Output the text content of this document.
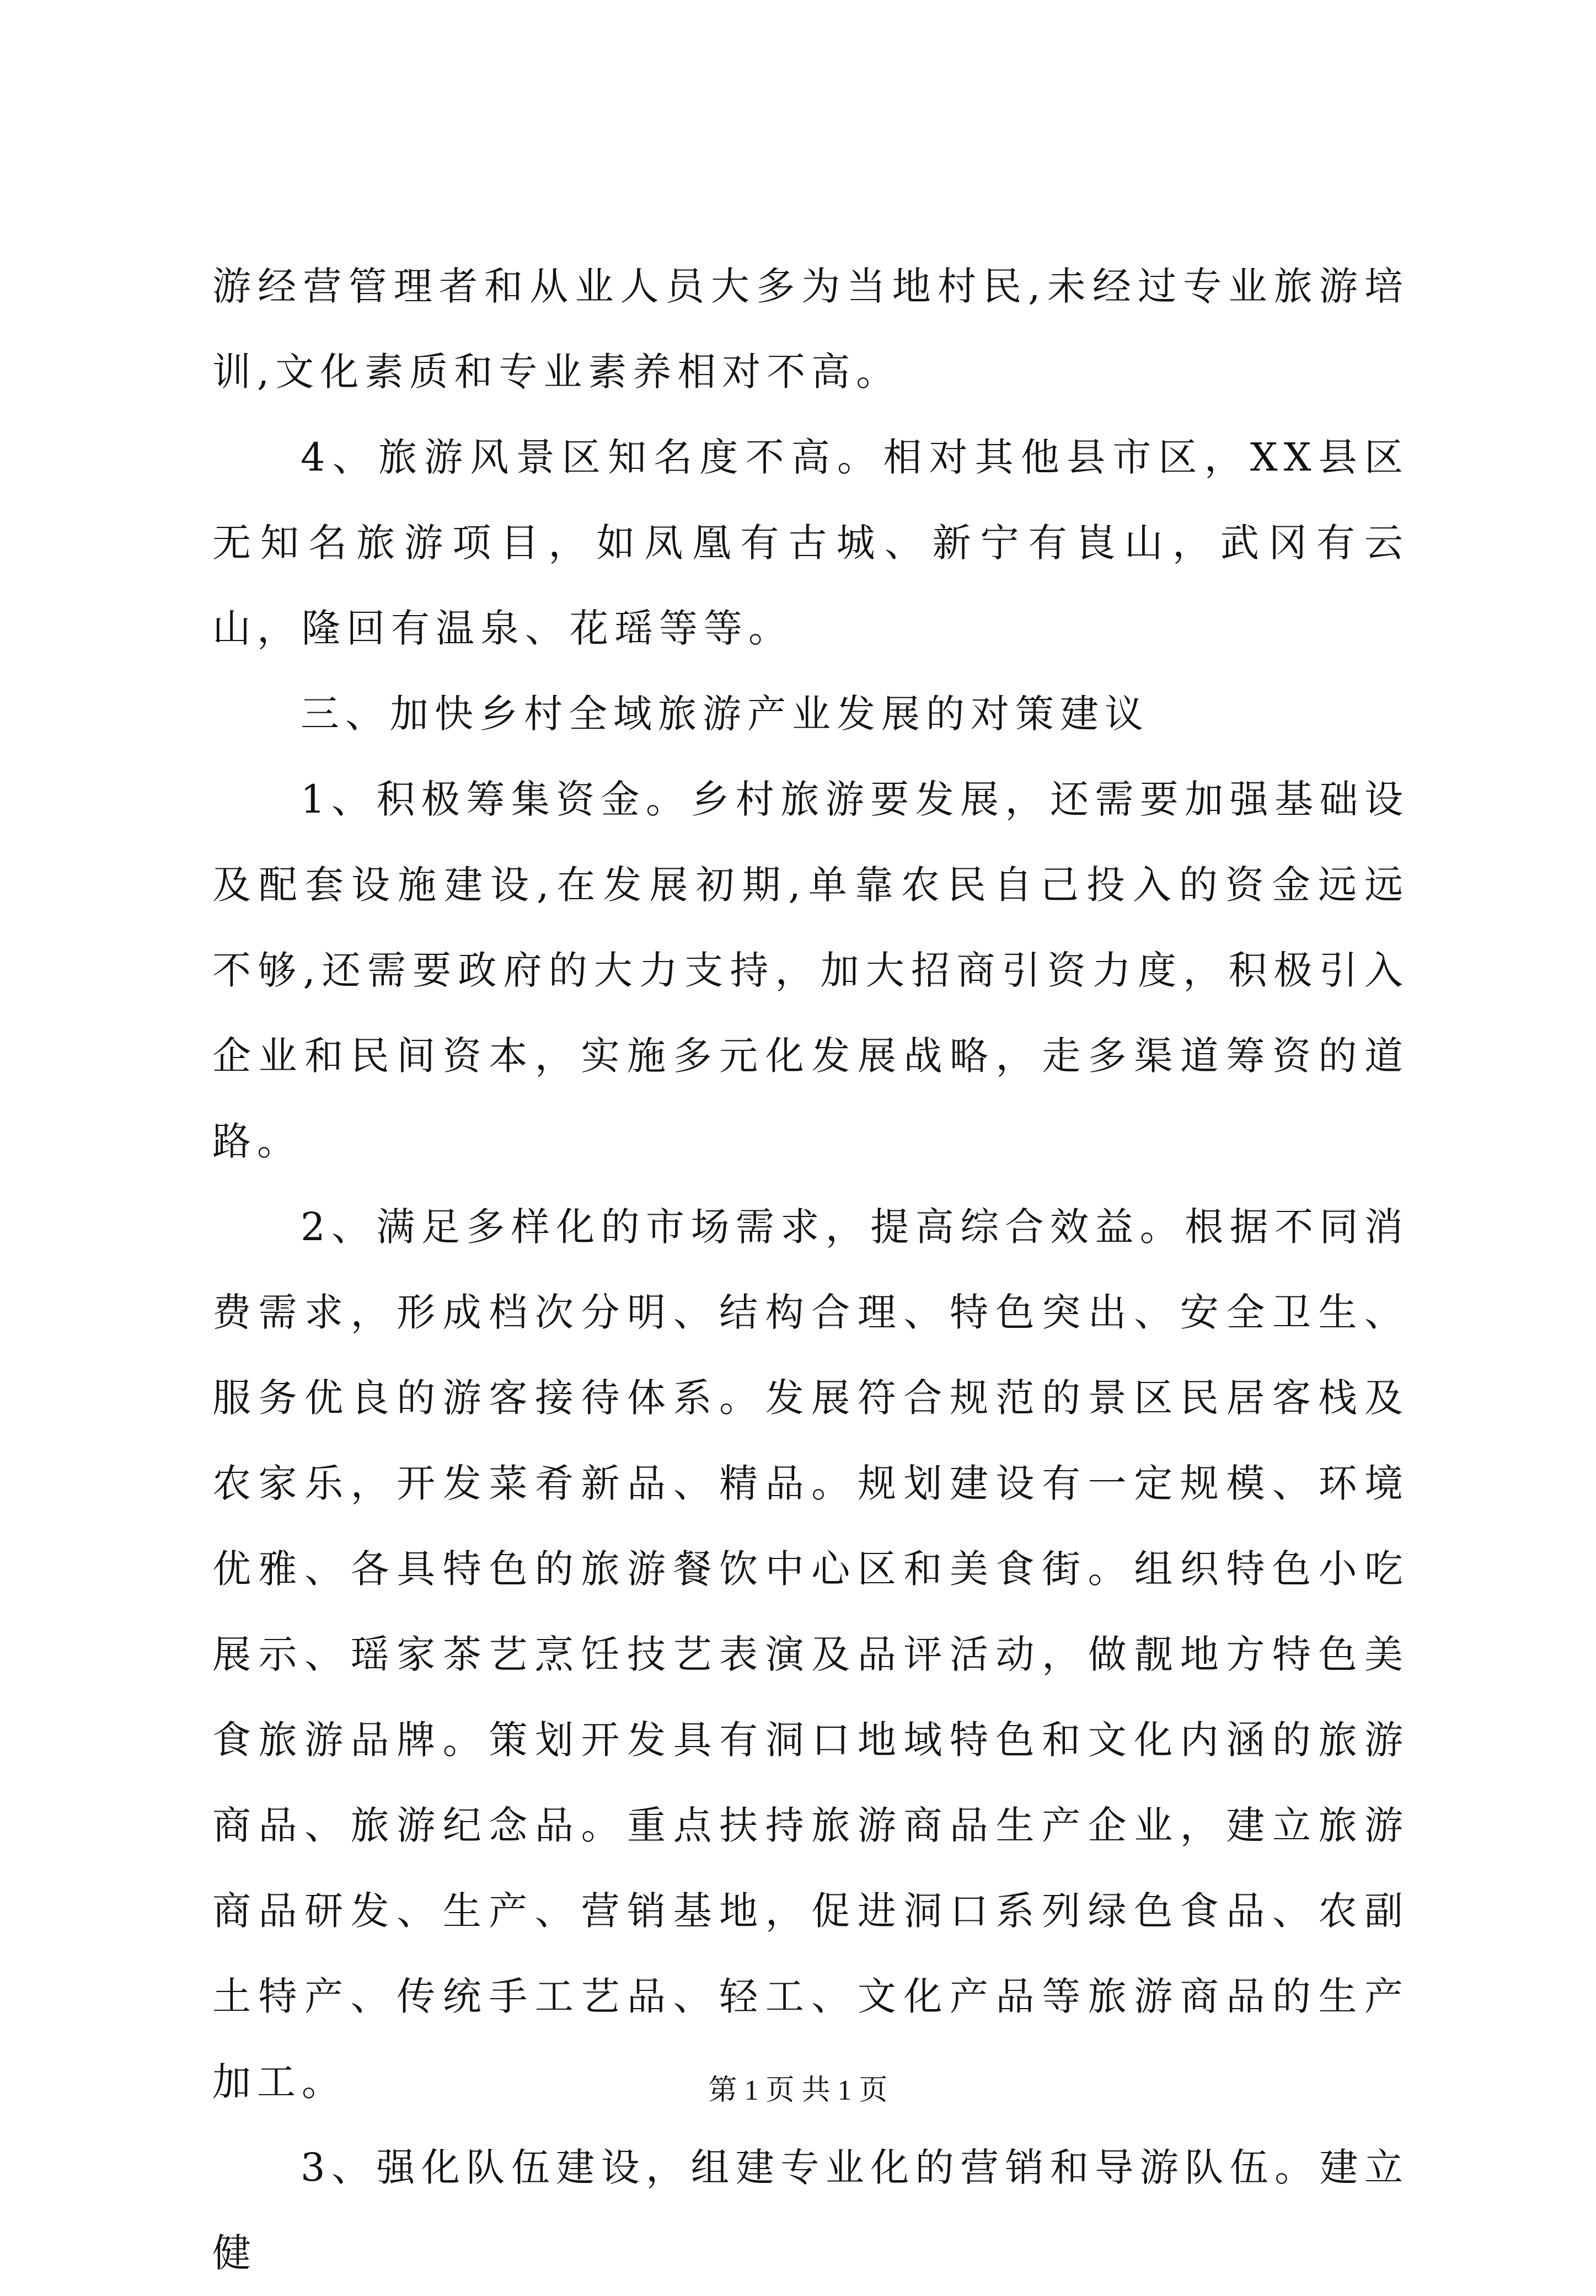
游经营管理者和从业人员大多为当地村民,未经过专业旅游培训,文化素质和专业素养相对不高。

4、旅游风景区知名度不高。相对其他县市区，XX县区无知名旅游项目，如凤凰有古城、新宁有崀山，武冈有云山，隆回有温泉、花瑶等等。

三、加快乡村全域旅游产业发展的对策建议

1、积极筹集资金。乡村旅游要发展，还需要加强基础设及配套设施建设,在发展初期,单靠农民自己投入的资金远远不够,还需要政府的大力支持，加大招商引资力度，积极引入企业和民间资本，实施多元化发展战略，走多渠道筹资的道路。

2、满足多样化的市场需求，提高综合效益。根据不同消费需求，形成档次分明、结构合理、特色突出、安全卫生、服务优良的游客接待体系。发展符合规范的景区民居客栈及农家乐，开发菜肴新品、精品。规划建设有一定规模、环境优雅、各具特色的旅游餐饮中心区和美食街。组织特色小吃展示、瑶家茶艺烹饪技艺表演及品评活动，做靓地方特色美食旅游品牌。策划开发具有洞口地域特色和文化内涵的旅游商品、旅游纪念品。重点扶持旅游商品生产企业，建立旅游商品研发、生产、营销基地，促进洞口系列绿色食品、农副土特产、传统手工艺品、轻工、文化产品等旅游商品的生产加工。

3、强化队伍建设，组建专业化的营销和导游队伍。建立健

第 1 页 共 1 页
